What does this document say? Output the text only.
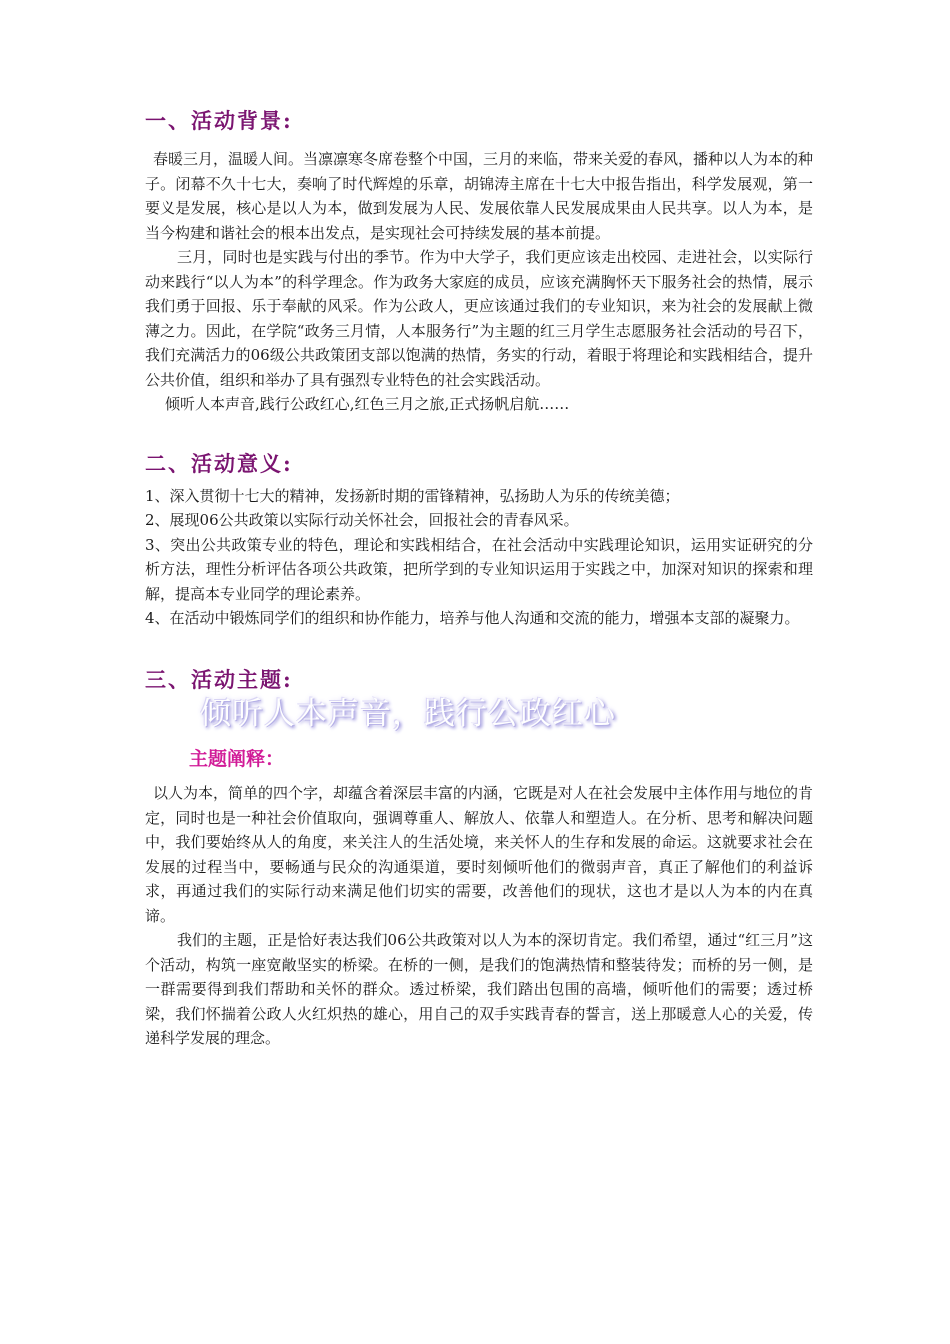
一、活动背景:

春暖三月，温暖人间。当凛凛寒冬席卷整个中国，三月的来临，带来关爱的春风，播种以人为本的种子。闭幕不久十七大，奏响了时代辉煌的乐章，胡锦涛主席在十七大中报告指出，科学发展观，第一要义是发展，核心是以人为本，做到发展为人民、发展依靠人民发展成果由人民共享。以人为本，是当今构建和谐社会的根本出发点，是实现社会可持续发展的基本前提。

三月，同时也是实践与付出的季节。作为中大学子，我们更应该走出校园、走进社会，以实际行动来践行“以人为本”的科学理念。作为政务大家庭的成员，应该充满胸怀天下服务社会的热情，展示我们勇于回报、乐于奉献的风采。作为公政人，更应该通过我们的专业知识，来为社会的发展献上微薄之力。因此，在学院“政务三月情，人本服务行”为主题的红三月学生志愿服务社会活动的号召下，我们充满活力的06级公共政策团支部以饱满的热情，务实的行动，着眼于将理论和实践相结合，提升公共价值，组织和举办了具有强烈专业特色的社会实践活动。

倾听人本声音,践行公政红心,红色三月之旅,正式扬帆启航……

二、活动意义:

1、深入贯彻十七大的精神，发扬新时期的雷锋精神，弘扬助人为乐的传统美德；

2、展现06公共政策以实际行动关怀社会，回报社会的青春风采。

3、突出公共政策专业的特色，理论和实践相结合，在社会活动中实践理论知识，运用实证研究的分析方法，理性分析评估各项公共政策，把所学到的专业知识运用于实践之中，加深对知识的探索和理解，提高本专业同学的理论素养。

4、在活动中锻炼同学们的组织和协作能力，培养与他人沟通和交流的能力，增强本支部的凝聚力。

三、活动主题:
倾听人本声音，践行公政红心
主题阐释：

以人为本，简单的四个字，却蕴含着深层丰富的内涵，它既是对人在社会发展中主体作用与地位的肯定，同时也是一种社会价值取向，强调尊重人、解放人、依靠人和塑造人。在分析、思考和解决问题中，我们要始终从人的角度，来关注人的生活处境，来关怀人的生存和发展的命运。这就要求社会在发展的过程当中，要畅通与民众的沟通渠道，要时刻倾听他们的微弱声音，真正了解他们的利益诉求，再通过我们的实际行动来满足他们切实的需要，改善他们的现状，这也才是以人为本的内在真谛。

我们的主题，正是恰好表达我们06公共政策对以人为本的深切肯定。我们希望，通过“红三月”这个活动，构筑一座宽敞坚实的桥梁。在桥的一侧，是我们的饱满热情和整装待发；而桥的另一侧，是一群需要得到我们帮助和关怀的群众。透过桥梁，我们踏出包围的高墙，倾听他们的需要；透过桥梁，我们怀揣着公政人火红炽热的雄心，用自己的双手实践青春的誓言，送上那暖意人心的关爱，传递科学发展的理念。
